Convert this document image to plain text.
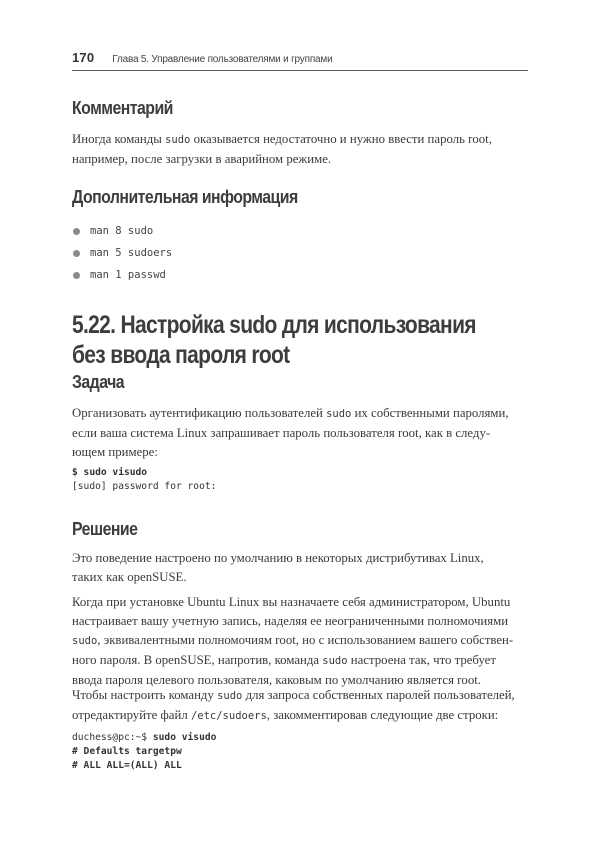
170 Глава 5. Управление пользователями и группами
Комментарий
Иногда команды sudo оказывается недостаточно и нужно ввести пароль root,
например, после загрузки в аварийном режиме.
Дополнительная информация
man 8 sudo
man 5 sudoers
man 1 passwd
5.22. Настройка sudo для использования
без ввода пароля root
Задача
Организовать аутентификацию пользователей sudo их собственными паролями,
если ваша система Linux запрашивает пароль пользователя root, как в следу-
ющем примере:
$ sudo visudo
[sudo] password for root:
Решение
Это поведение настроено по умолчанию в некоторых дистрибутивах Linux,
таких как openSUSE.
Когда при установке Ubuntu Linux вы назначаете себя администратором, Ubuntu
настраивает вашу учетную запись, наделяя ее неограниченными полномочиями
sudo, эквивалентными полномочиям root, но с использованием вашего собствен-
ного пароля. В openSUSE, напротив, команда sudo настроена так, что требует
ввода пароля целевого пользователя, каковым по умолчанию является root.
Чтобы настроить команду sudo для запроса собственных паролей пользователей,
отредактируйте файл /etc/sudoers, закомментировав следующие две строки:
duchess@pc:~$ sudo visudo
# Defaults targetpw
# ALL ALL=(ALL) ALL
